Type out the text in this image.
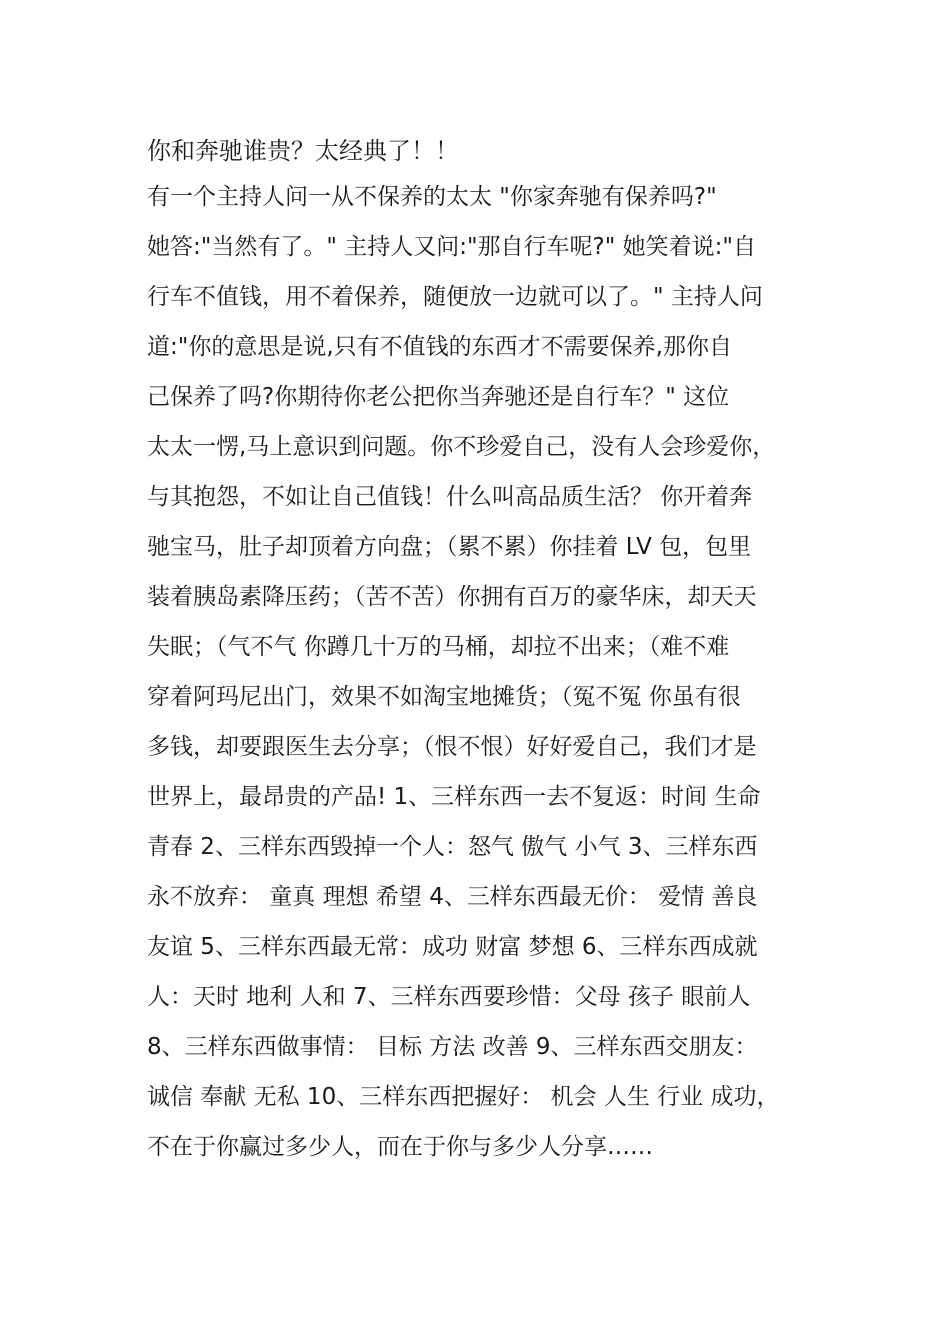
你和奔驰谁贵？太经典了！！

有一个主持人问一从不保养的太太 "你家奔驰有保养吗?"

她答:"当然有了。" 主持人又问:"那自行车呢?" 她笑着说:"自

行车不值钱，用不着保养，随便放一边就可以了。" 主持人问

道:"你的意思是说,只有不值钱的东西才不需要保养,那你自

己保养了吗?你期待你老公把你当奔驰还是自行车？" 这位

太太一愣,马上意识到问题。你不珍爱自己，没有人会珍爱你，

与其抱怨，不如让自己值钱！什么叫高品质生活？ 你开着奔

驰宝马，肚子却顶着方向盘；（累不累）你挂着 LV 包，包里

装着胰岛素降压药；（苦不苦）你拥有百万的豪华床，却天天

失眠；（气不气 你蹲几十万的马桶，却拉不出来；（难不难

穿着阿玛尼出门，效果不如淘宝地摊货；（冤不冤 你虽有很

多钱，却要跟医生去分享；（恨不恨）好好爱自己，我们才是

世界上，最昂贵的产品! 1、三样东西一去不复返：时间 生命

青春 2、三样东西毁掉一个人：怒气 傲气 小气 3、三样东西

永不放弃： 童真 理想 希望 4、三样东西最无价： 爱情 善良

友谊 5、三样东西最无常：成功 财富 梦想 6、三样东西成就

人：天时 地利 人和 7、三样东西要珍惜：父母 孩子 眼前人

8、三样东西做事情： 目标 方法 改善 9、三样东西交朋友：

诚信 奉献 无私 10、三样东西把握好： 机会 人生 行业 成功，

不在于你赢过多少人，而在于你与多少人分享……
